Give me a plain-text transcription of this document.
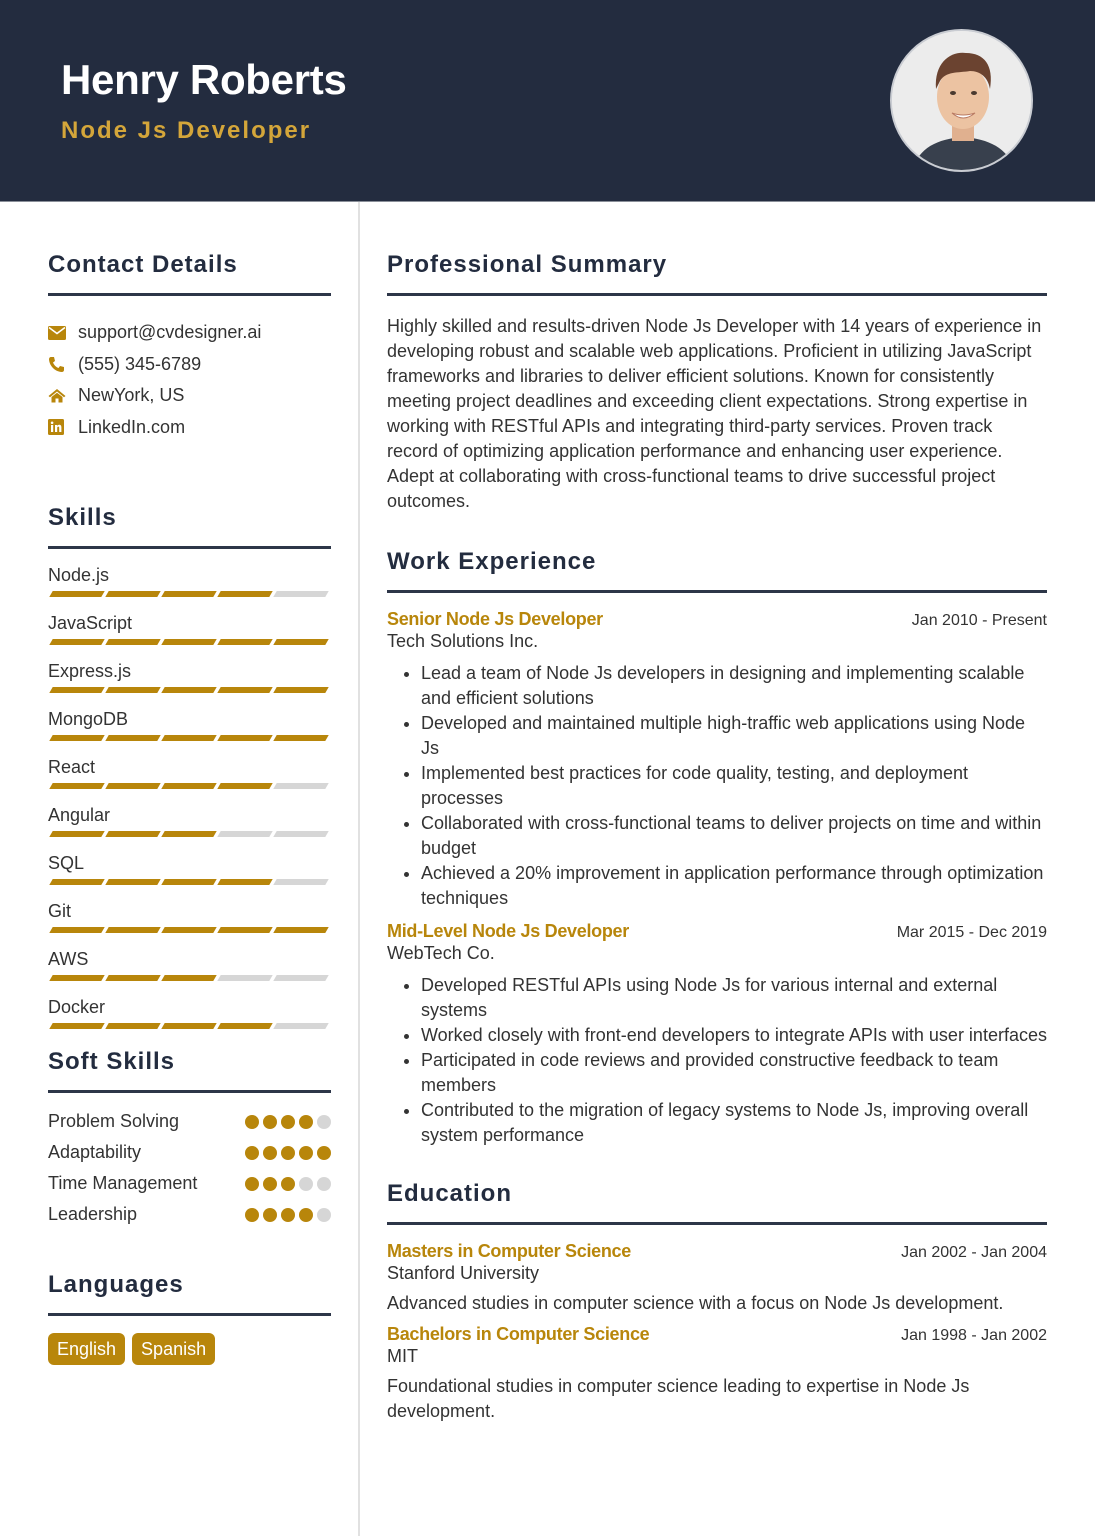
Henry Roberts
Node Js Developer
Contact Details
support@cvdesigner.ai
(555) 345-6789
NewYork, US
LinkedIn.com
Skills
Node.js
JavaScript
Express.js
MongoDB
React
Angular
SQL
Git
AWS
Docker
Soft Skills
Problem Solving
Adaptability
Time Management
Leadership
Languages
English	Spanish
Professional Summary

Highly skilled and results-driven Node Js Developer with 14 years of experience in developing robust and scalable web applications. Proficient in utilizing JavaScript frameworks and libraries to deliver efficient solutions. Known for consistently meeting project deadlines and exceeding client expectations. Strong expertise in working with RESTful APIs and integrating third-party services. Proven track record of optimizing application performance and enhancing user experience. Adept at collaborating with cross-functional teams to drive successful project outcomes.

Work Experience
Senior Node Js Developer	Jan 2010 - Present
Tech Solutions Inc.
• Lead a team of Node Js developers in designing and implementing scalable and efficient solutions
• Developed and maintained multiple high-traffic web applications using Node Js
• Implemented best practices for code quality, testing, and deployment processes
• Collaborated with cross-functional teams to deliver projects on time and within budget
• Achieved a 20% improvement in application performance through optimization techniques
Mid-Level Node Js Developer	Mar 2015 - Dec 2019
WebTech Co.
• Developed RESTful APIs using Node Js for various internal and external systems
• Worked closely with front-end developers to integrate APIs with user interfaces
• Participated in code reviews and provided constructive feedback to team members
• Contributed to the migration of legacy systems to Node Js, improving overall system performance
Education
Masters in Computer Science	Jan 2002 - Jan 2004
Stanford University
Advanced studies in computer science with a focus on Node Js development.
Bachelors in Computer Science	Jan 1998 - Jan 2002
MIT
Foundational studies in computer science leading to expertise in Node Js development.
